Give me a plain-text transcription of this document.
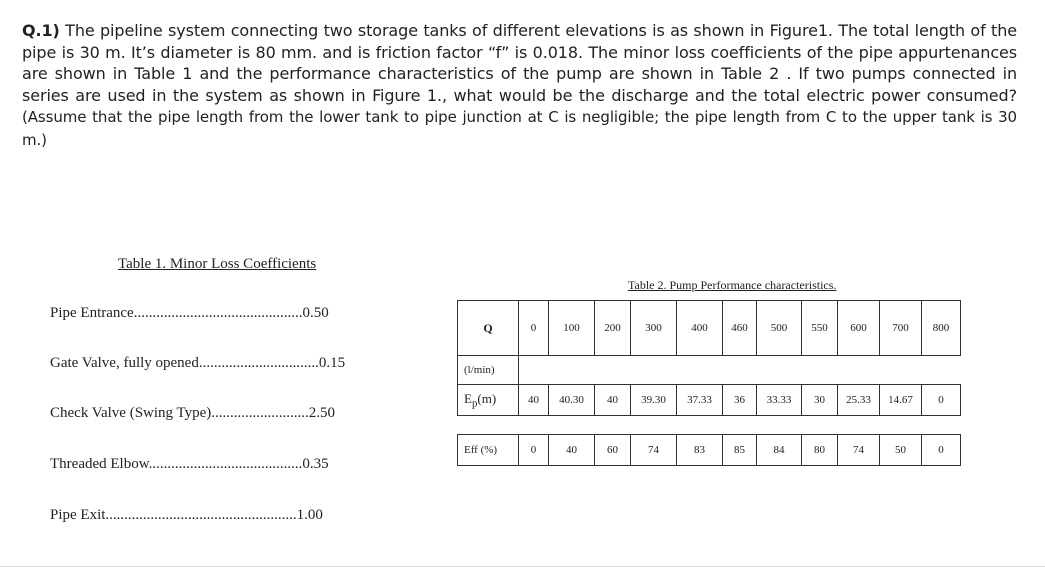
Q.1) The pipeline system connecting two storage tanks of different elevations is as shown in Figure1. The total length of the pipe is 30 m. It’s diameter is 80 mm. and is friction factor “f” is 0.018. The minor loss coefficients of the pipe appurtenances are shown in Table 1 and the performance characteristics of the pump are shown in Table 2 . If two pumps connected in series are used in the system as shown in Figure 1., what would be the discharge and the total electric power consumed? (Assume that the pipe length from the lower tank to pipe junction at C is negligible; the pipe length from C to the upper tank is 30 m.)
Table 1. Minor Loss Coefficients
Pipe Entrance.............................................0.50
Gate Valve, fully opened................................0.15
Check Valve (Swing Type)..........................2.50
Threaded Elbow.........................................0.35
Pipe Exit...................................................1.00
Table 2. Pump Performance characteristics.
Q	0	100	200	300	400	460	500	550	600	700	800
(l/min)											
$E_p(m)$	40	40.30	40	39.30	37.33	36	33.33	30	25.33	14.67	0

Eff (%)	0	40	60	74	83	85	84	80	74	50	0
